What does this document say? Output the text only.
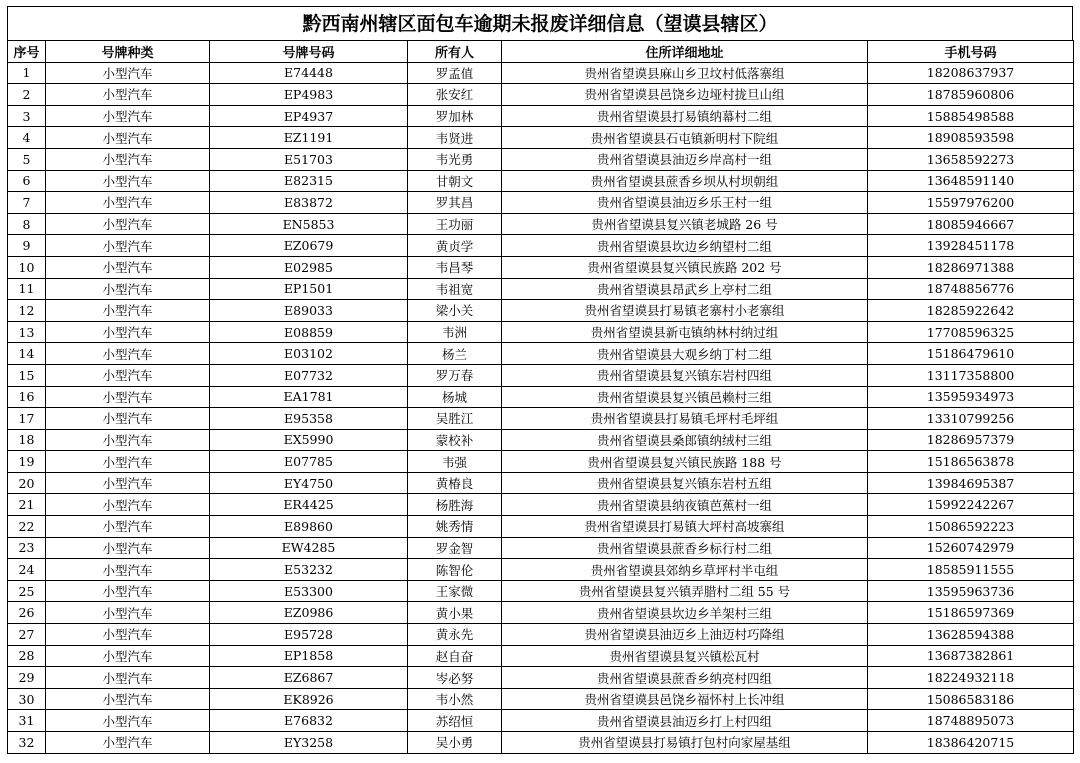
黔西南州辖区面包车逾期未报废详细信息（望谟县辖区）
序号	号牌种类	号牌号码	所有人	住所详细地址	手机号码
1	小型汽车	E74448	罗孟值	贵州省望谟县麻山乡卫坟村低落寨组	18208637937
2	小型汽车	EP4983	张安红	贵州省望谟县邑饶乡边垭村拢旦山组	18785960806
3	小型汽车	EP4937	罗加林	贵州省望谟县打易镇纳幕村二组	15885498588
4	小型汽车	EZ1191	韦贤进	贵州省望谟县石屯镇新明村下院组	18908593598
5	小型汽车	E51703	韦光勇	贵州省望谟县油迈乡岸高村一组	13658592273
6	小型汽车	E82315	甘朝文	贵州省望谟县蔗香乡坝从村坝朝组	13648591140
7	小型汽车	E83872	罗其昌	贵州省望谟县油迈乡乐王村一组	15597976200
8	小型汽车	EN5853	王功丽	贵州省望谟县复兴镇老城路 26 号	18085946667
9	小型汽车	EZ0679	黄贞学	贵州省望谟县坎边乡纳望村二组	13928451178
10	小型汽车	E02985	韦昌琴	贵州省望谟县复兴镇民族路 202 号	18286971388
11	小型汽车	EP1501	韦祖宽	贵州省望谟县昂武乡上亭村二组	18748856776
12	小型汽车	E89033	梁小关	贵州省望谟县打易镇老寨村小老寨组	18285922642
13	小型汽车	E08859	韦洲	贵州省望谟县新屯镇纳林村纳过组	17708596325
14	小型汽车	E03102	杨兰	贵州省望谟县大观乡纳丁村二组	15186479610
15	小型汽车	E07732	罗万春	贵州省望谟县复兴镇东岩村四组	13117358800
16	小型汽车	EA1781	杨城	贵州省望谟县复兴镇邑赖村三组	13595934973
17	小型汽车	E95358	吴胜江	贵州省望谟县打易镇毛坪村毛坪组	13310799256
18	小型汽车	EX5990	蒙校补	贵州省望谟县桑郎镇纳绒村三组	18286957379
19	小型汽车	E07785	韦强	贵州省望谟县复兴镇民族路 188 号	15186563878
20	小型汽车	EY4750	黄椿良	贵州省望谟县复兴镇东岩村五组	13984695387
21	小型汽车	ER4425	杨胜海	贵州省望谟县纳夜镇芭蕉村一组	15992242267
22	小型汽车	E89860	姚秀情	贵州省望谟县打易镇大坪村高坡寨组	15086592223
23	小型汽车	EW4285	罗金智	贵州省望谟县蔗香乡标行村二组	15260742979
24	小型汽车	E53232	陈智伦	贵州省望谟县郊纳乡草坪村半屯组	18585911555
25	小型汽车	E53300	王家微	贵州省望谟县复兴镇弄腊村二组 55 号	13595963736
26	小型汽车	EZ0986	黄小果	贵州省望谟县坎边乡羊架村三组	15186597369
27	小型汽车	E95728	黄永先	贵州省望谟县油迈乡上油迈村巧降组	13628594388
28	小型汽车	EP1858	赵自奋	贵州省望谟县复兴镇松瓦村	13687382861
29	小型汽车	EZ6867	岑必努	贵州省望谟县蔗香乡纳亮村四组	18224932118
30	小型汽车	EK8926	韦小然	贵州省望谟县邑饶乡福怀村上长冲组	15086583186
31	小型汽车	E76832	苏绍恒	贵州省望谟县油迈乡打上村四组	18748895073
32	小型汽车	EY3258	吴小勇	贵州省望谟县打易镇打包村向家屋基组	18386420715
